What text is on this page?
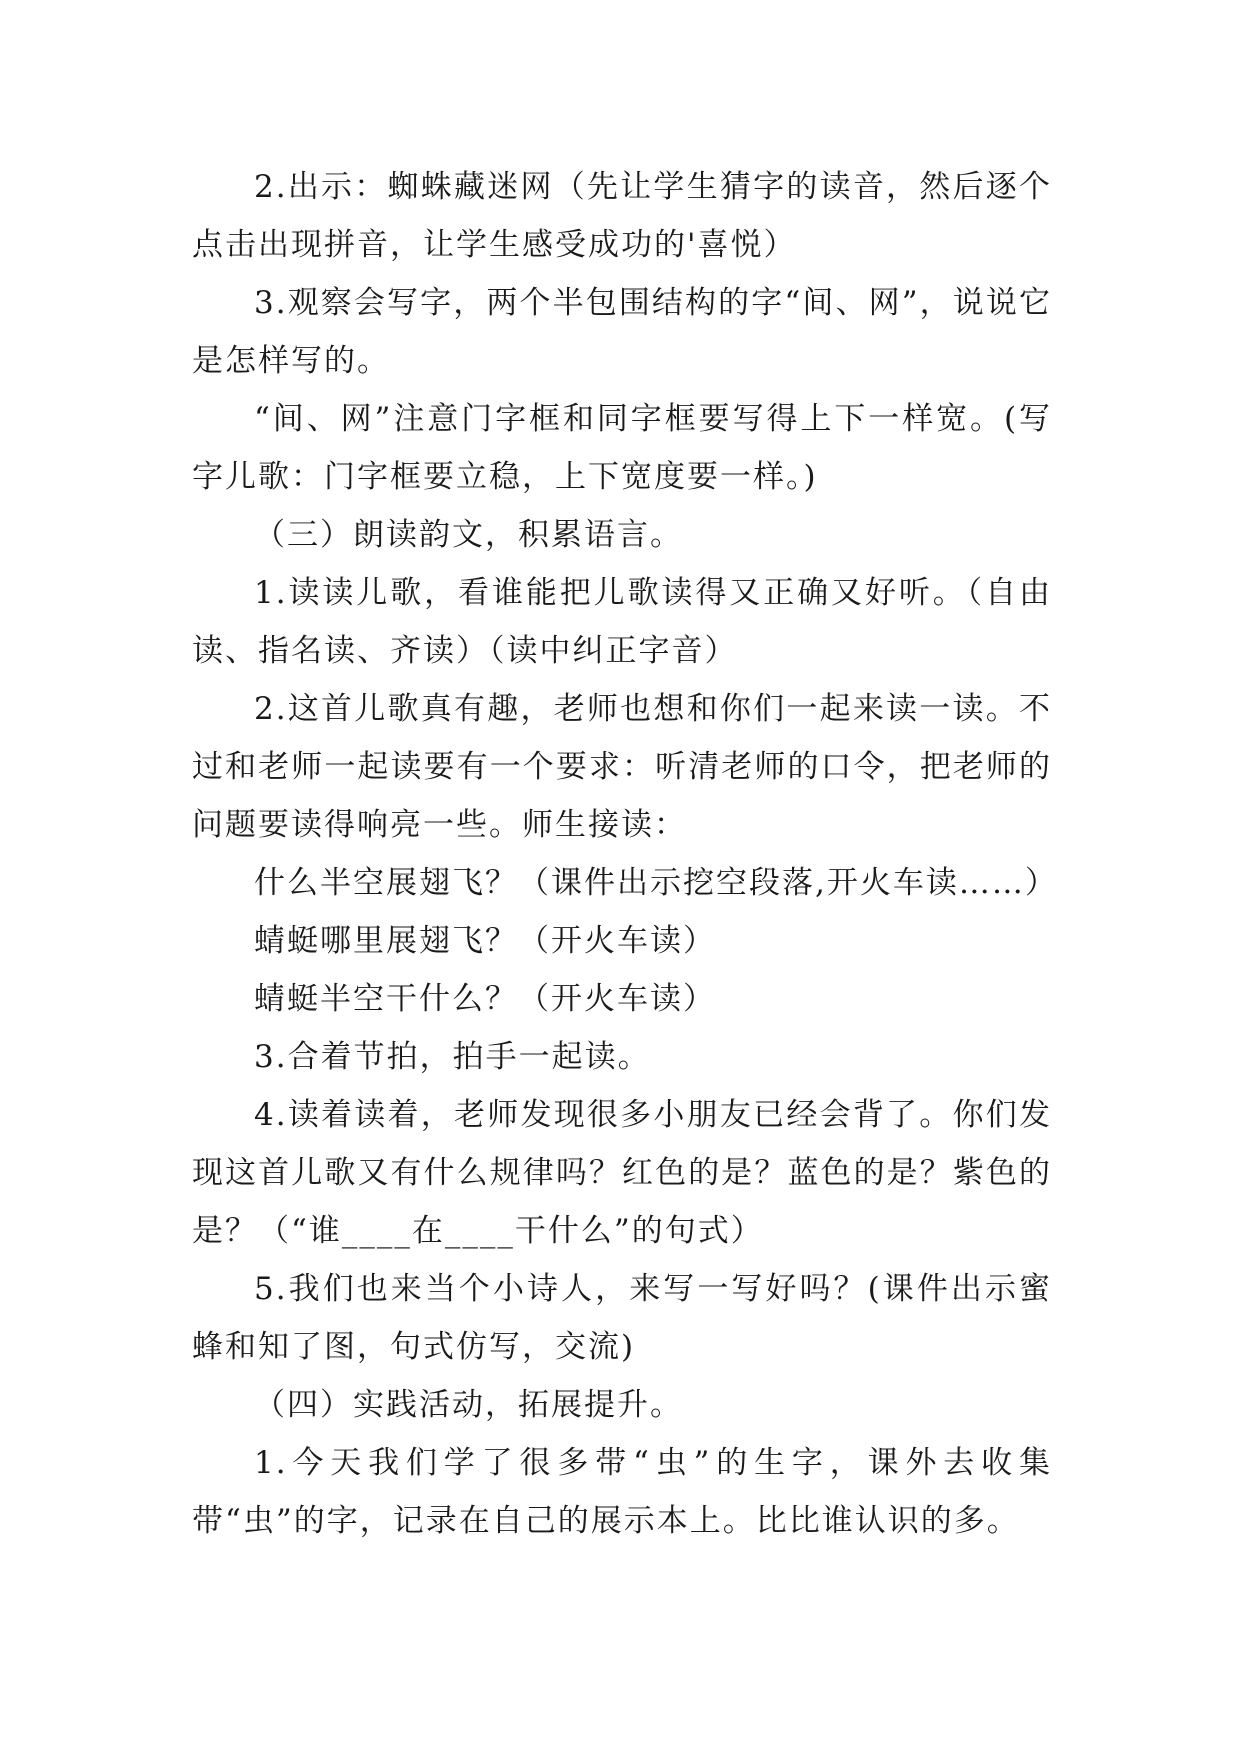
2.出示：蜘蛛藏迷网（先让学生猜字的读音，然后逐个点击出现拼音，让学生感受成功的'喜悦）

3.观察会写字，两个半包围结构的字“间、网”，说说它是怎样写的。

“间、网”注意门字框和同字框要写得上下一样宽。(写字儿歌：门字框要立稳，上下宽度要一样。)

（三）朗读韵文，积累语言。

1.读读儿歌，看谁能把儿歌读得又正确又好听。（自由读、指名读、齐读）（读中纠正字音）

2.这首儿歌真有趣，老师也想和你们一起来读一读。不过和老师一起读要有一个要求：听清老师的口令，把老师的问题要读得响亮一些。师生接读：

什么半空展翅飞？（课件出示挖空段落,开火车读……）

蜻蜓哪里展翅飞？（开火车读）

蜻蜓半空干什么？（开火车读）

3.合着节拍，拍手一起读。

4.读着读着，老师发现很多小朋友已经会背了。你们发现这首儿歌又有什么规律吗？红色的是？蓝色的是？紫色的是？（“谁____在____干什么”的句式）

5.我们也来当个小诗人，来写一写好吗？(课件出示蜜蜂和知了图，句式仿写，交流)

（四）实践活动，拓展提升。

1.今天我们学了很多带“虫”的生字，课外去收集带“虫”的字，记录在自己的展示本上。比比谁认识的多。
